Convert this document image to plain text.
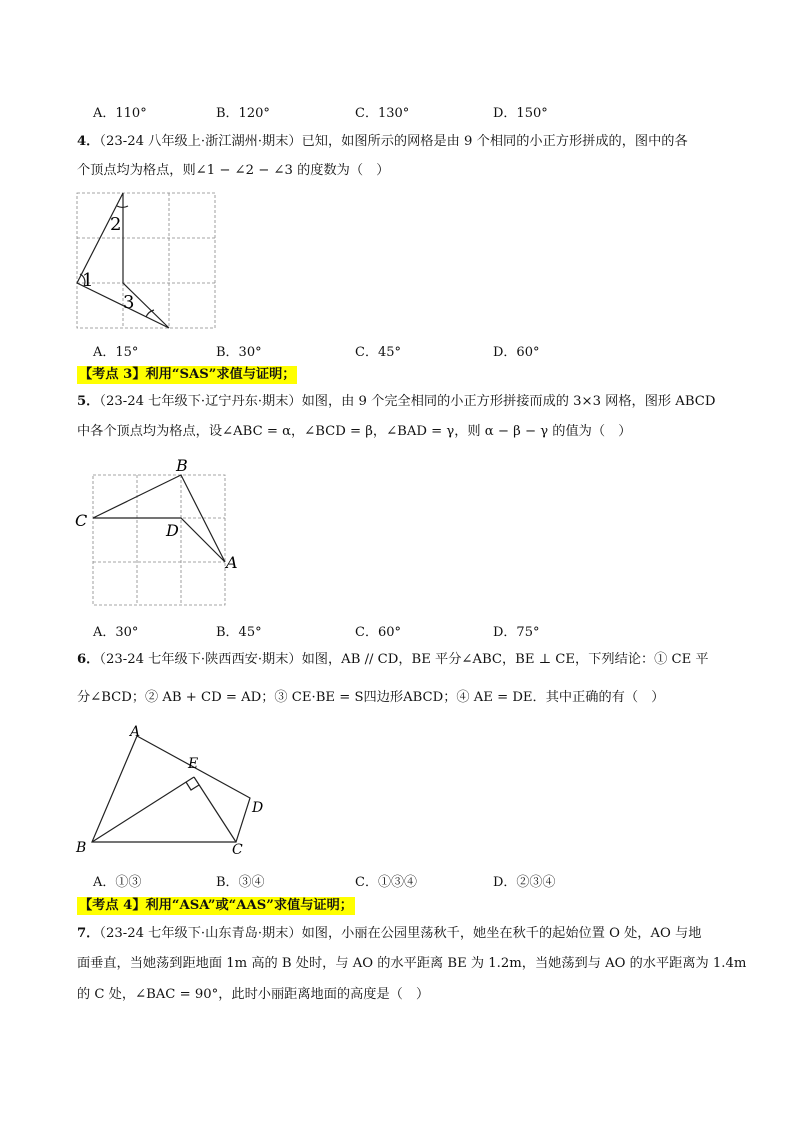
A．110°	B．120°	C．130°	D．150°
4．（23-24 八年级上·浙江湖州·期末）已知，如图所示的网格是由 9 个相同的小正方形拼成的，图中的各
个顶点均为格点，则∠1 − ∠2 − ∠3 的度数为（　）
1
2
3
A．15°	B．30°	C．45°	D．60°
【考点 3】利用“SAS”求值与证明；
5．（23-24 七年级下·辽宁丹东·期末）如图，由 9 个完全相同的小正方形拼接而成的 3×3 网格，图形 ABCD
中各个顶点均为格点，设∠ABC = α，∠BCD = β，∠BAD = γ，则 α − β − γ 的值为（　）
B
C
D
A
A．30°	B．45°	C．60°	D．75°
6．（23-24 七年级下·陕西西安·期末）如图，AB // CD，BE 平分∠ABC，BE ⊥ CE，下列结论：① CE 平
分∠BCD；② AB + CD = AD；③ CE·BE = S四边形ABCD；④ AE = DE．其中正确的有（　）
A
B	C
D
E
A．①③	B．③④	C．①③④	D．②③④
【考点 4】利用“ASA”或“AAS”求值与证明；
7．（23-24 七年级下·山东青岛·期末）如图，小丽在公园里荡秋千，她坐在秋千的起始位置 O 处，AO 与地
面垂直，当她荡到距地面 1m 高的 B 处时，与 AO 的水平距离 BE 为 1.2m，当她荡到与 AO 的水平距离为 1.4m
的 C 处，∠BAC = 90°，此时小丽距离地面的高度是（　）
